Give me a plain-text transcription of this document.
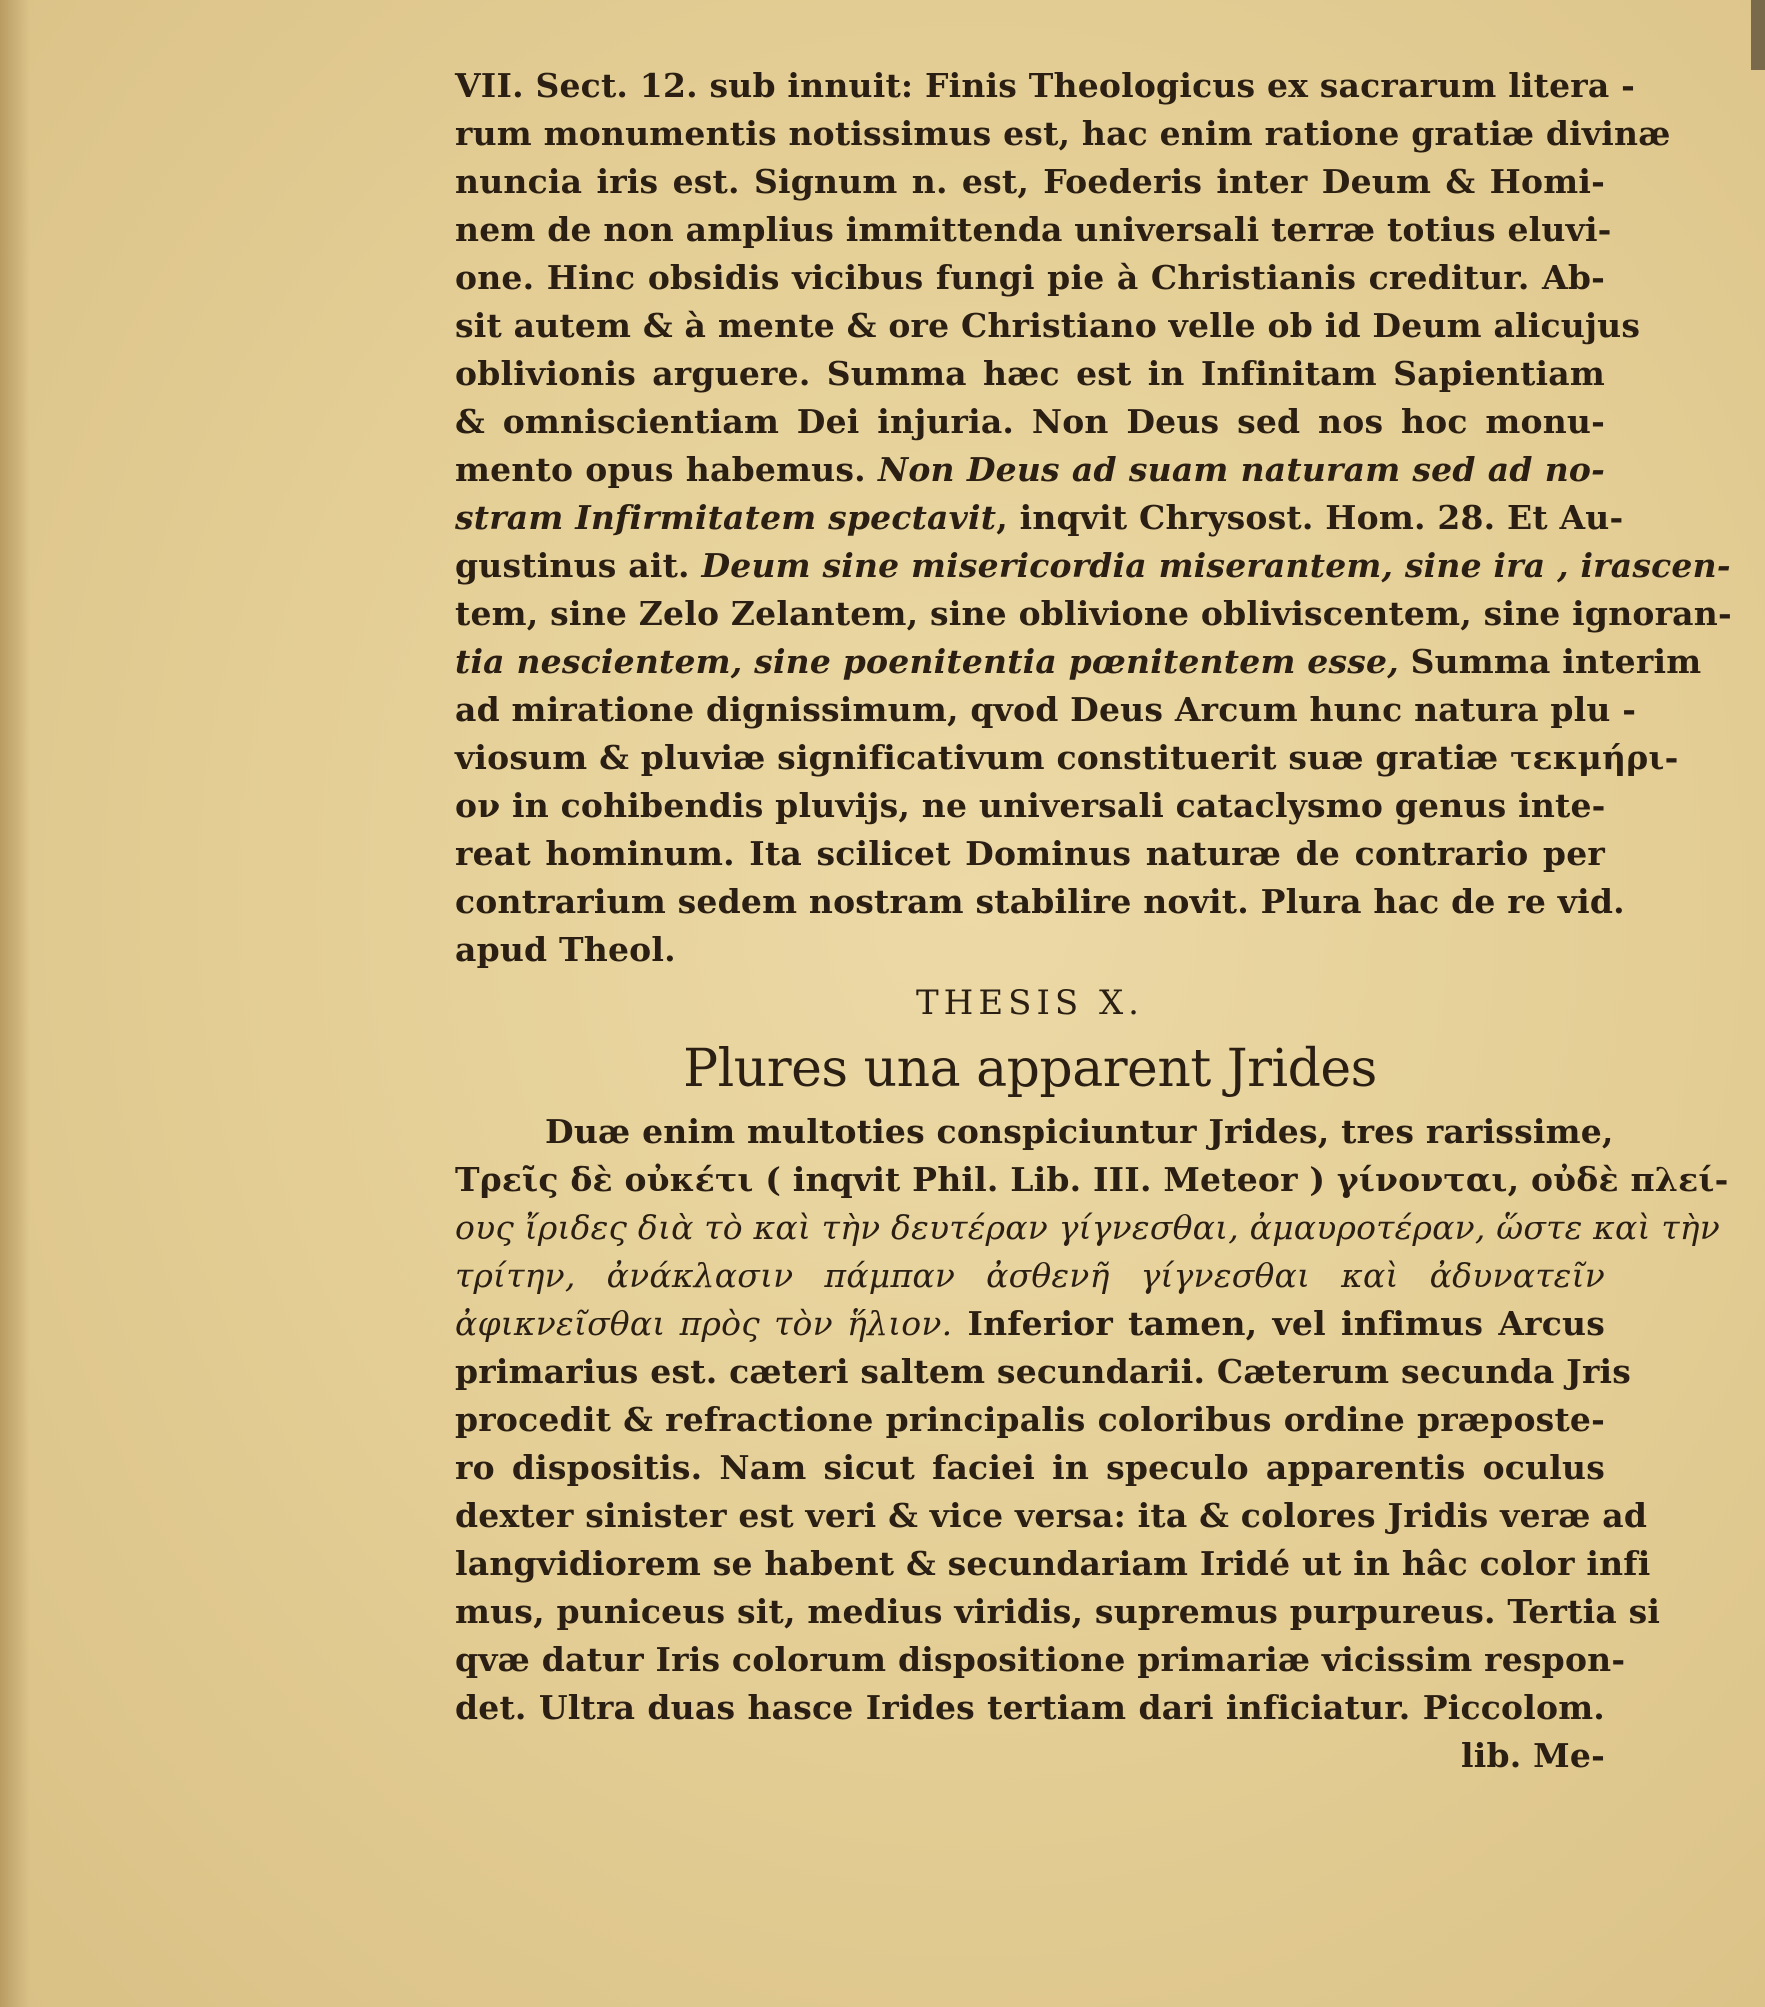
VII. Sect. 12. sub innuit: Finis Theologicus ex sacrarum litera -
rum monumentis notissimus est, hac enim ratione gratiæ divinæ
nuncia iris est. Signum n. est, Foederis inter Deum & Homi-
nem de non amplius immittenda universali terræ totius eluvi-
one. Hinc obsidis vicibus fungi pie à Christianis creditur. Ab-
sit autem & à mente & ore Christiano velle ob id Deum alicujus
oblivionis arguere. Summa hæc est in Infinitam Sapientiam
& omniscientiam Dei injuria. Non Deus sed nos hoc monu-
mento opus habemus. Non Deus ad suam naturam sed ad no-
stram Infirmitatem spectavit, inqvit Chrysost. Hom. 28. Et Au-
gustinus ait. Deum sine misericordia miserantem, sine ira , irascen-
tem, sine Zelo Zelantem, sine oblivione obliviscentem, sine ignoran-
tia nescientem, sine poenitentia pœnitentem esse, Summa interim
ad miratione dignissimum, qvod Deus Arcum hunc natura plu -
viosum & pluviæ significativum constituerit suæ gratiæ τεκμήρι-
ον in cohibendis pluvijs, ne universali cataclysmo genus inte-
reat hominum. Ita scilicet Dominus naturæ de contrario per
contrarium sedem nostram stabilire novit. Plura hac de re vid.
apud Theol.
THESIS X.
Plures una apparent Jrides
Duæ enim multoties conspiciuntur Jrides, tres rarissime,
Τρεῖς δὲ οὐκέτι ( inqvit Phil. Lib. III. Meteor ) γίνονται, οὐδὲ πλεί-
ους ἴριδες διὰ τὸ καὶ τὴν δευτέραν γίγνεσθαι, ἀμαυροτέραν, ὥστε καὶ τὴν
τρίτην, ἀνάκλασιν πάμπαν ἀσθενῆ γίγνεσθαι καὶ ἀδυνατεῖν
ἀφικνεῖσθαι πρὸς τὸν ἥλιον. Inferior tamen, vel infimus Arcus
primarius est. cæteri saltem secundarii. Cæterum secunda Jris
procedit & refractione principalis coloribus ordine præposte-
ro dispositis. Nam sicut faciei in speculo apparentis oculus
dexter sinister est veri & vice versa: ita & colores Jridis veræ ad
langvidiorem se habent & secundariam Iridé ut in hâc color infi
mus, puniceus sit, medius viridis, supremus purpureus. Tertia si
qvæ datur Iris colorum dispositione primariæ vicissim respon-
det. Ultra duas hasce Irides tertiam dari inficiatur. Piccolom.
lib. Me-
